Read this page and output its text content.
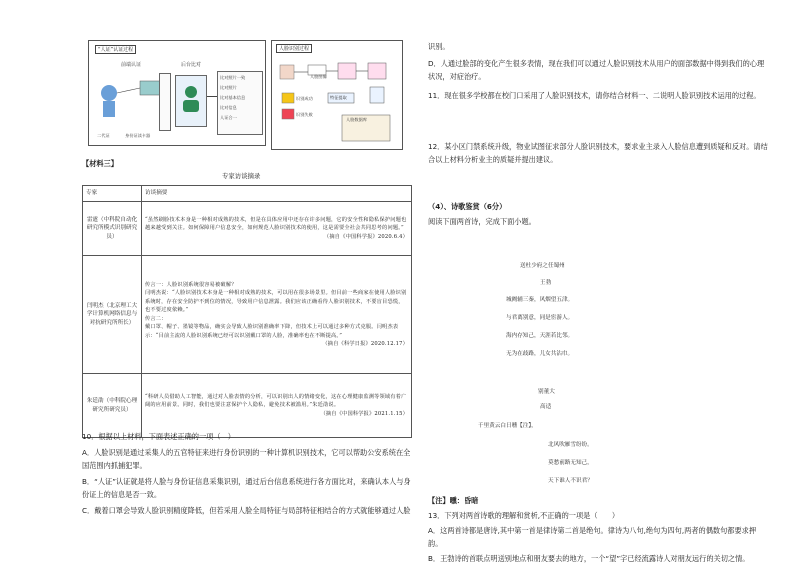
“人证”认证过程
前端认证	后台比对
比对照片一致
比对照片
比对基本信息
比对信息
人证合一
二代证	身份证读卡器
人脸识别过程
人脸图像
识别成功
识别失败
特征提取
人脸数据库
【材料三】
专家访谈摘录
专家	访谈摘要
雷霆（中科院自动化研究所模式识别研究员）	“虽然刷脸技术本身是一种相对成熟的技术，但是在具体应用中还存在许多问题，它的安全性和隐私保护问题也越来越受到关注。如何保障用户信息安全，如何规范人脸识别技术的使用，这是需要全社会共同思考的问题。”
（摘自《中国科学报》2020.6.4）

闫明杰（北京理工大学计算机网络信息与对抗研究所所长）	传言一：人脸识别系统很容易被破解？
闫明杰说：“人脸识别技术本身是一种相对成熟的技术，可以用在很多场景里。但目前一些商家在使用人脸识别系统时，存在安全防护不到位的情况，导致用户信息泄露。我们应该正确看待人脸识别技术，不要盲目恐慌，也不要过度依赖。”
传言二：
戴口罩、帽子、墨镜等物品，确实会导致人脸识别准确率下降，但技术上可以通过多种方式克服。闫明杰表示：“目前主流的人脸识别系统已经可以识别戴口罩的人脸，准确率也在不断提高。”
（摘自《科学日报》2020.12.17）

朱廷劭（中科院心理研究所研究员）	“科研人员借助人工智能，通过对人脸表情的分析，可以识别出人的情绪变化，这在心理健康监测等领域有着广阔的应用前景。同时，我们也要注意保护个人隐私，避免技术被滥用。”朱廷劭说。
（摘自《中国科学报》2021.1.15）
10．根据以上材料，下面表述正确的一项（　）
A．人脸识别是通过采集人的五官特征来进行身份识别的一种计算机识别技术，它可以帮助公安系统在全国范围内抓捕犯罪。
B．“人证”认证就是将人脸与身份证信息采集识别，通过后台信息系统进行各方面比对，来确认本人与身份证上的信息是否一致。
C．戴着口罩会导致人脸识别精度降低，但若采用人脸全局特征与局部特征相结合的方式就能够通过人脸
识别。
D．人通过脸部的变化产生很多表情，现在我们可以通过人脸识别技术从用户的面部数据中得到我们的心理状况，对症治疗。
11．现在很多学校都在校门口采用了人脸识别技术，请你结合材料一、二说明人脸识别技术运用的过程。
12．某小区门禁系统升级，物业试图征求部分人脸识别技术，要求业主录入人脸信息遭到质疑和反对。请结合以上材料分析业主的质疑并提出建议。
（4）、诗歌鉴赏（6分）
阅读下面两首诗，完成下面小题。
送杜少府之任蜀州
王勃
城阙辅三秦，风烟望五津。
与君离别意，同是宦游人。
海内存知己，天涯若比邻。
无为在歧路，儿女共沾巾。
别董大
高适
千里黄云白日曛【注】，
北风吹雁雪纷纷。
莫愁前路无知己，
天下谁人不识君？
【注】曛：昏暗
13．下列对两首诗歌的理解和赏析,不正确的一项是（　　）
A．这两首诗都是唐诗,其中第一首是律诗第二首是绝句。律诗为八句,绝句为四句,两者的偶数句都要求押韵。
B．王勃诗的首联点明送别地点和朋友要去的地方，一个“望”字已经流露诗人对朋友远行的关切之情。
